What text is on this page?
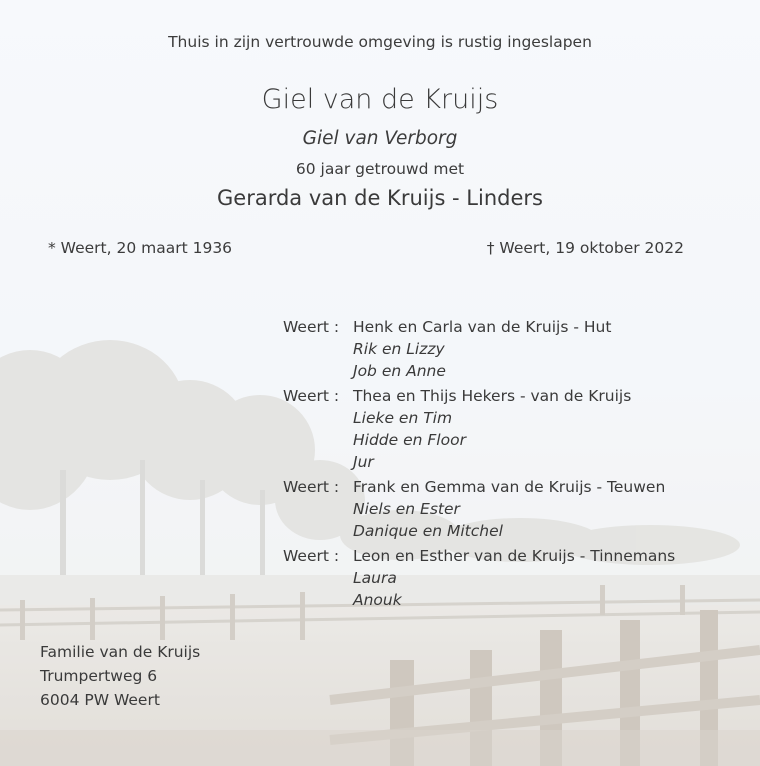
Thuis in zijn vertrouwde omgeving is rustig ingeslapen
Giel van de Kruijs
Giel van Verborg
60 jaar getrouwd met
Gerarda van de Kruijs - Linders
* Weert, 20 maart 1936	† Weert, 19 oktober 2022
Weert : Henk en Carla van de Kruijs - Hut
Rik en Lizzy
Job en Anne
Weert : Thea en Thijs Hekers - van de Kruijs
Lieke en Tim
Hidde en Floor
Jur
Weert : Frank en Gemma van de Kruijs - Teuwen
Niels en Ester
Danique en Mitchel
Weert : Leon en Esther van de Kruijs - Tinnemans
Laura
Anouk
Familie van de Kruijs
Trumpertweg 6
6004 PW Weert
